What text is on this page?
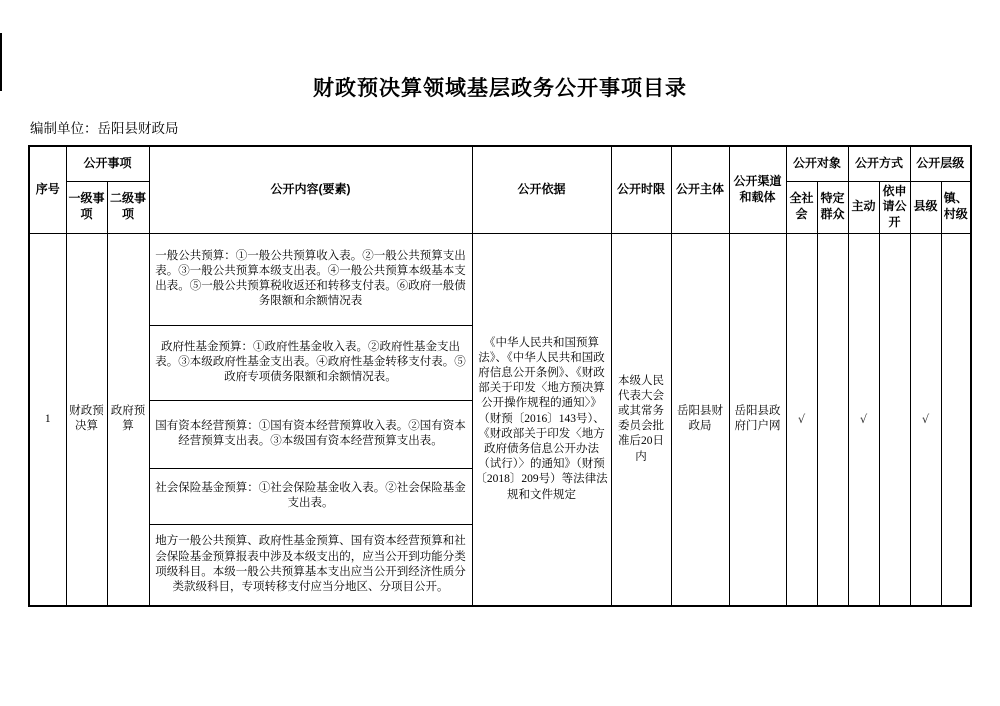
财政预决算领域基层政务公开事项目录
编制单位：岳阳县财政局
序号	公开事项		公开内容(要素)	公开依据	公开时限	公开主体	公开渠道和载体	公开对象		公开方式		公开层级	
	一级事项	二级事项						全社会	特定群众	主动	依申请公开	县级	镇、村级
1	财政预决算	政府预算	一般公共预算：①一般公共预算收入表。②一般公共预算支出表。③一般公共预算本级支出表。④一般公共预算本级基本支出表。⑤一般公共预算税收返还和转移支付表。⑥政府一般债务限额和余额情况表	《中华人民共和国预算法》、《中华人民共和国政府信息公开条例》、《财政部关于印发〈地方预决算公开操作规程的通知〉》（财预〔2016〕143号）、《财政部关于印发〈地方政府债务信息公开办法（试行）〉的通知》（财预〔2018〕209号）等法律法规和文件规定	本级人民代表大会或其常务委员会批准后20日内	岳阳县财政局	岳阳县政府门户网	√		√		√	
			政府性基金预算：①政府性基金收入表。②政府性基金支出表。③本级政府性基金支出表。④政府性基金转移支付表。⑤政府专项债务限额和余额情况表。										
			国有资本经营预算：①国有资本经营预算收入表。②国有资本经营预算支出表。③本级国有资本经营预算支出表。										
			社会保险基金预算：①社会保险基金收入表。②社会保险基金支出表。										
			地方一般公共预算、政府性基金预算、国有资本经营预算和社会保险基金预算报表中涉及本级支出的，应当公开到功能分类项级科目。本级一般公共预算基本支出应当公开到经济性质分类款级科目，专项转移支付应当分地区、分项目公开。										
